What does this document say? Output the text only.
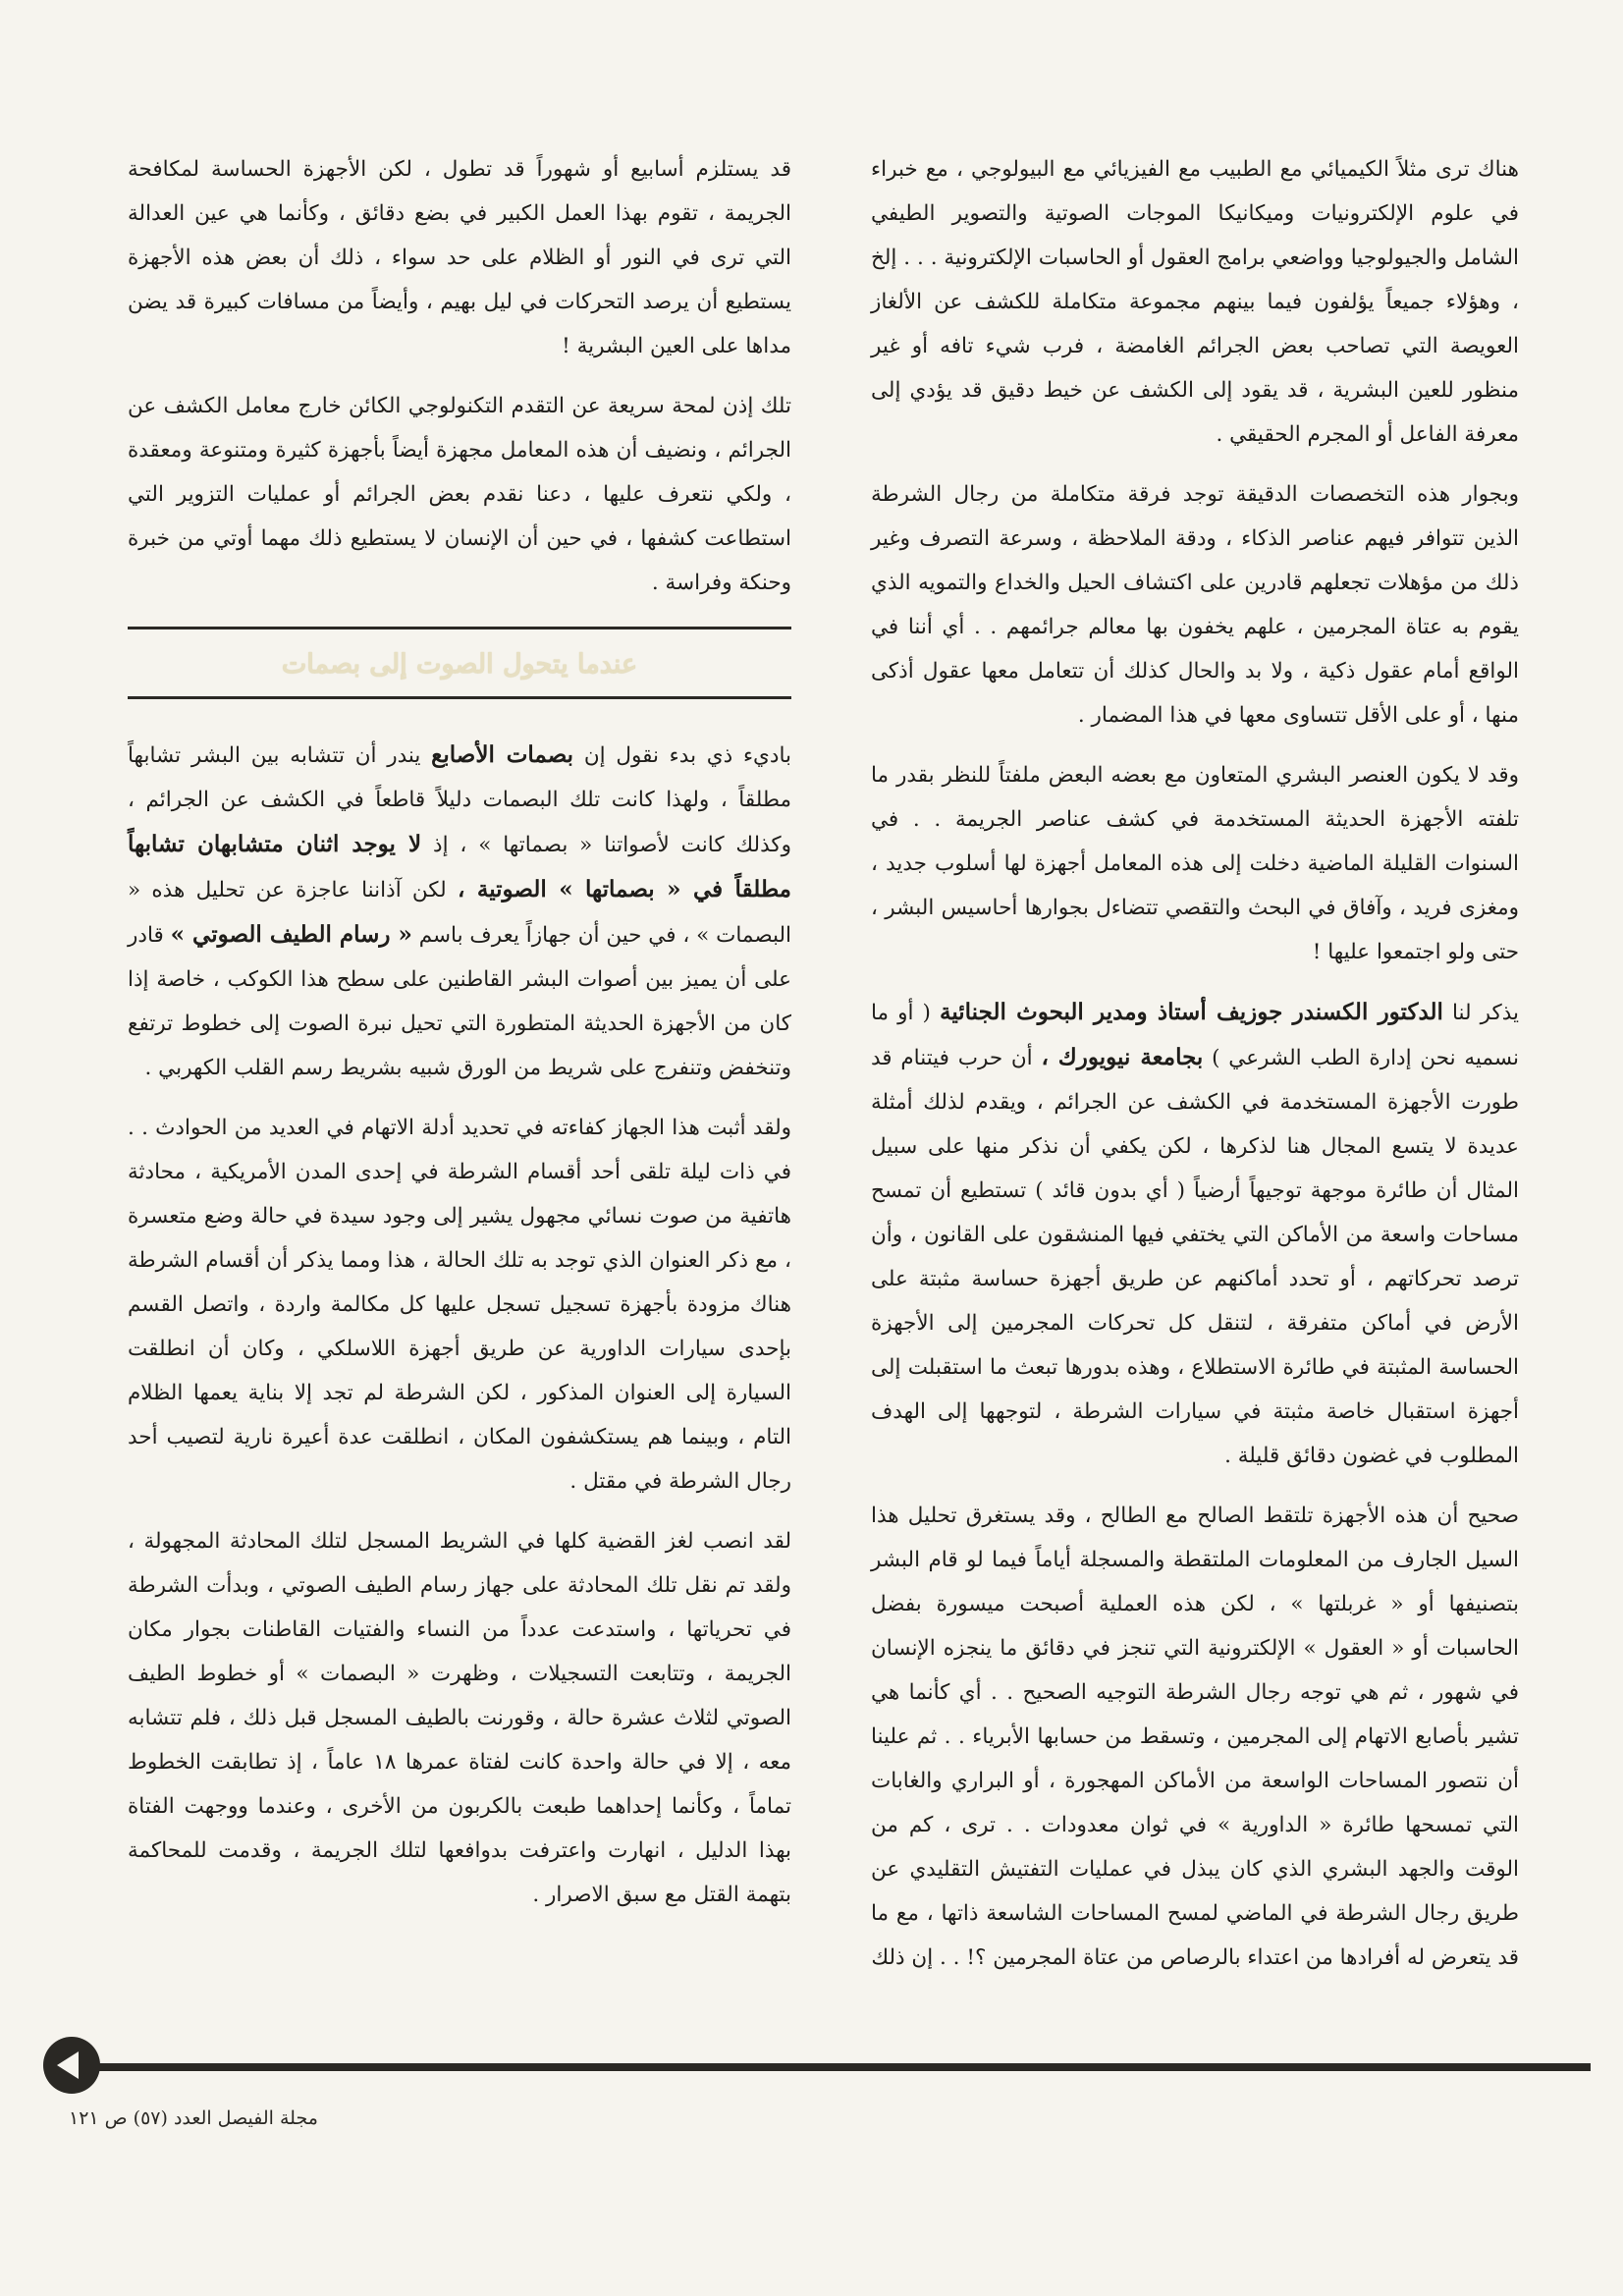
هناك ترى مثلاً الكيميائي مع الطبيب مع الفيزيائي مع البيولوجي ، مع خبراء في علوم الإلكترونيات وميكانيكا الموجات الصوتية والتصوير الطيفي الشامل والجيولوجيا وواضعي برامج العقول أو الحاسبات الإلكترونية . . . إلخ ، وهؤلاء جميعاً يؤلفون فيما بينهم مجموعة متكاملة للكشف عن الألغاز العويصة التي تصاحب بعض الجرائم الغامضة ، فرب شيء تافه أو غير منظور للعين البشرية ، قد يقود إلى الكشف عن خيط دقيق قد يؤدي إلى معرفة الفاعل أو المجرم الحقيقي .

وبجوار هذه التخصصات الدقيقة توجد فرقة متكاملة من رجال الشرطة الذين تتوافر فيهم عناصر الذكاء ، ودقة الملاحظة ، وسرعة التصرف وغير ذلك من مؤهلات تجعلهم قادرين على اكتشاف الحيل والخداع والتمويه الذي يقوم به عتاة المجرمين ، علهم يخفون بها معالم جرائمهم . . أي أننا في الواقع أمام عقول ذكية ، ولا بد والحال كذلك أن تتعامل معها عقول أذكى منها ، أو على الأقل تتساوى معها في هذا المضمار .

وقد لا يكون العنصر البشري المتعاون مع بعضه البعض ملفتاً للنظر بقدر ما تلفته الأجهزة الحديثة المستخدمة في كشف عناصر الجريمة . . في السنوات القليلة الماضية دخلت إلى هذه المعامل أجهزة لها أسلوب جديد ، ومغزى فريد ، وآفاق في البحث والتقصي تتضاءل بجوارها أحاسيس البشر ، حتى ولو اجتمعوا عليها !

يذكر لنا الدكتور الكسندر جوزيف أستاذ ومدير البحوث الجنائية ( أو ما نسميه نحن إدارة الطب الشرعي ) بجامعة نيويورك ، أن حرب فيتنام قد طورت الأجهزة المستخدمة في الكشف عن الجرائم ، ويقدم لذلك أمثلة عديدة لا يتسع المجال هنا لذكرها ، لكن يكفي أن نذكر منها على سبيل المثال أن طائرة موجهة توجيهاً أرضياً ( أي بدون قائد ) تستطيع أن تمسح مساحات واسعة من الأماكن التي يختفي فيها المنشقون على القانون ، وأن ترصد تحركاتهم ، أو تحدد أماكنهم عن طريق أجهزة حساسة مثبتة على الأرض في أماكن متفرقة ، لتنقل كل تحركات المجرمين إلى الأجهزة الحساسة المثبتة في طائرة الاستطلاع ، وهذه بدورها تبعث ما استقبلت إلى أجهزة استقبال خاصة مثبتة في سيارات الشرطة ، لتوجهها إلى الهدف المطلوب في غضون دقائق قليلة .

صحيح أن هذه الأجهزة تلتقط الصالح مع الطالح ، وقد يستغرق تحليل هذا السيل الجارف من المعلومات الملتقطة والمسجلة أياماً فيما لو قام البشر بتصنيفها أو « غربلتها » ، لكن هذه العملية أصبحت ميسورة بفضل الحاسبات أو « العقول » الإلكترونية التي تنجز في دقائق ما ينجزه الإنسان في شهور ، ثم هي توجه رجال الشرطة التوجيه الصحيح . . أي كأنما هي تشير بأصابع الاتهام إلى المجرمين ، وتسقط من حسابها الأبرياء . . ثم علينا أن نتصور المساحات الواسعة من الأماكن المهجورة ، أو البراري والغابات التي تمسحها طائرة « الداورية » في ثوان معدودات . . ترى ، كم من الوقت والجهد البشري الذي كان يبذل في عمليات التفتيش التقليدي عن طريق رجال الشرطة في الماضي لمسح المساحات الشاسعة ذاتها ، مع ما قد يتعرض له أفرادها من اعتداء بالرصاص من عتاة المجرمين ؟! . . إن ذلك

قد يستلزم أسابيع أو شهوراً قد تطول ، لكن الأجهزة الحساسة لمكافحة الجريمة ، تقوم بهذا العمل الكبير في بضع دقائق ، وكأنما هي عين العدالة التي ترى في النور أو الظلام على حد سواء ، ذلك أن بعض هذه الأجهزة يستطيع أن يرصد التحركات في ليل بهيم ، وأيضاً من مسافات كبيرة قد يضن مداها على العين البشرية !

تلك إذن لمحة سريعة عن التقدم التكنولوجي الكائن خارج معامل الكشف عن الجرائم ، ونضيف أن هذه المعامل مجهزة أيضاً بأجهزة كثيرة ومتنوعة ومعقدة ، ولكي نتعرف عليها ، دعنا نقدم بعض الجرائم أو عمليات التزوير التي استطاعت كشفها ، في حين أن الإنسان لا يستطيع ذلك مهما أوتي من خبرة وحنكة وفراسة .

عندما يتحول الصوت إلى بصمات

باديء ذي بدء نقول إن بصمات الأصابع يندر أن تتشابه بين البشر تشابهاً مطلقاً ، ولهذا كانت تلك البصمات دليلاً قاطعاً في الكشف عن الجرائم ، وكذلك كانت لأصواتنا « بصماتها » ، إذ لا يوجد اثنان متشابهان تشابهاً مطلقاً في « بصماتها » الصوتية ، لكن آذاننا عاجزة عن تحليل هذه « البصمات » ، في حين أن جهازاً يعرف باسم « رسام الطيف الصوتي » قادر على أن يميز بين أصوات البشر القاطنين على سطح هذا الكوكب ، خاصة إذا كان من الأجهزة الحديثة المتطورة التي تحيل نبرة الصوت إلى خطوط ترتفع وتنخفض وتنفرج على شريط من الورق شبيه بشريط رسم القلب الكهربي .

ولقد أثبت هذا الجهاز كفاءته في تحديد أدلة الاتهام في العديد من الحوادث . . في ذات ليلة تلقى أحد أقسام الشرطة في إحدى المدن الأمريكية ، محادثة هاتفية من صوت نسائي مجهول يشير إلى وجود سيدة في حالة وضع متعسرة ، مع ذكر العنوان الذي توجد به تلك الحالة ، هذا ومما يذكر أن أقسام الشرطة هناك مزودة بأجهزة تسجيل تسجل عليها كل مكالمة واردة ، واتصل القسم بإحدى سيارات الداورية عن طريق أجهزة اللاسلكي ، وكان أن انطلقت السيارة إلى العنوان المذكور ، لكن الشرطة لم تجد إلا بناية يعمها الظلام التام ، وبينما هم يستكشفون المكان ، انطلقت عدة أعيرة نارية لتصيب أحد رجال الشرطة في مقتل .

لقد انصب لغز القضية كلها في الشريط المسجل لتلك المحادثة المجهولة ، ولقد تم نقل تلك المحادثة على جهاز رسام الطيف الصوتي ، وبدأت الشرطة في تحرياتها ، واستدعت عدداً من النساء والفتيات القاطنات بجوار مكان الجريمة ، وتتابعت التسجيلات ، وظهرت « البصمات » أو خطوط الطيف الصوتي لثلاث عشرة حالة ، وقورنت بالطيف المسجل قبل ذلك ، فلم تتشابه معه ، إلا في حالة واحدة كانت لفتاة عمرها ١٨ عاماً ، إذ تطابقت الخطوط تماماً ، وكأنما إحداهما طبعت بالكربون من الأخرى ، وعندما ووجهت الفتاة بهذا الدليل ، انهارت واعترفت بدوافعها لتلك الجريمة ، وقدمت للمحاكمة بتهمة القتل مع سبق الاصرار .

مجلة الفيصل العدد (٥٧) ص ١٢١
